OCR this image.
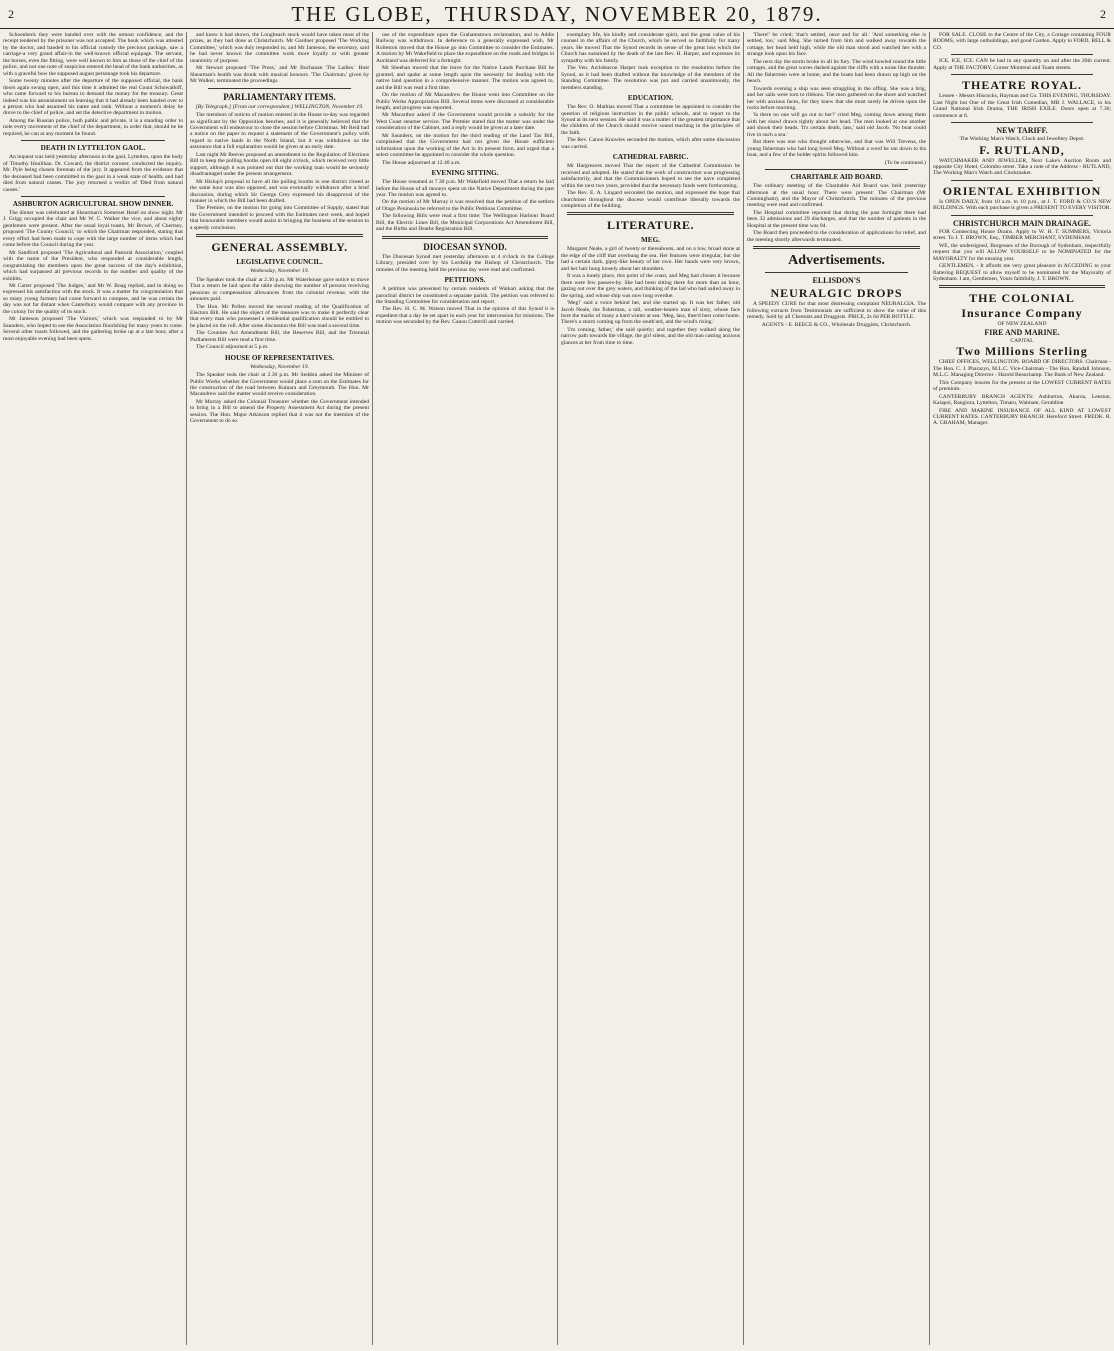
2	THE GLOBE, THURSDAY, NOVEMBER 20, 1879.	2

Schoenbeck they were handed over with the utmost confidence, and the receipt tendered by the prisoner was not accepted. The book which was attested by the doctor, and handed to his official custody the precious package, saw a carriage-a very grand affair-in the well-known official equipage. The servant, the horses, even the fitting, were well known to him as those of the chief of the police, and not one note of suspicion entered the head of the bank authorities, as with a graceful bow the supposed august personage took his departure.

Some twenty minutes after the departure of the supposed official, the bank doors again swung open, and this time it admitted the real Count Schowalloff, who came forward to his bureau to demand the money for the treasury. Great indeed was his astonishment on learning that it had already been handed over to a person who had assumed his name and rank. Without a moment's delay he drove to the chief of police, and set the detective department in motion.

Among the Russian police, both public and private, it is a standing order to note every movement of the chief of the department, in order that, should he be required, he can at any moment be found.

DEATH IN LYTTELTON GAOL.

An inquest was held yesterday afternoon in the gaol, Lyttelton, upon the body of Timothy Houlihan. Dr. Coward, the district coroner, conducted the inquiry. Mr. Pyle being chosen foreman of the jury. It appeared from the evidence that the deceased had been committed to the gaol in a weak state of health, and had died from natural causes. The jury returned a verdict of 'Died from natural causes.'

ASHBURTON AGRICULTURAL SHOW DINNER.

The dinner was celebrated at Shearman's Somerset Hotel on show night. Mr J. Grigg occupied the chair and Mr W. C. Walker the vice, and about eighty gentlemen were present. After the usual loyal toasts, Mr Brown, of Chertsey, proposed 'The County Council,' to which the Chairman responded, stating that every effort had been made to cope with the large number of items which had come before the Council during the year.

Mr Sandford proposed 'The Agricultural and Pastoral Association,' coupled with the name of the President, who responded at considerable length, congratulating the members upon the great success of the day's exhibition, which had surpassed all previous records in the number and quality of the exhibits.

Mr Carter proposed 'The Judges,' and Mr W. Boag replied, and in doing so expressed his satisfaction with the stock. It was a matter for congratulation that so many young farmers had come forward to compete, and he was certain the day was not far distant when Canterbury would compare with any province in the colony for the quality of its stock.

Mr Jameson proposed 'The Visitors,' which was responded to by Mr Saunders, who hoped to see the Association flourishing for many years to come. Several other toasts followed, and the gathering broke up at a late hour, after a most enjoyable evening had been spent.

and knew it had shown, the Longbeach stock would have taken most of the prizes, as they had done at Christchurch. Mr Gardner proposed 'The Working Committee,' which was duly responded to, and Mr Jameson, the secretary, said he had never known the committee work more loyally or with greater unanimity of purpose.

Mr Stewart proposed 'The Press,' and Mr Buchanan 'The Ladies.' Host Shearman's health was drunk with musical honours. 'The Chairman,' given by Mr Walker, terminated the proceedings.

PARLIAMENTARY ITEMS.
[By Telegraph.] [From our correspondent.] WELLINGTON, November 19.

The members of notices of motion entered in the House to-day was regarded as significant by the Opposition benches, and it is generally believed that the Government will endeavour to close the session before Christmas. Mr Reid had a notice on the paper to request a statement of the Government's policy with regard to native lands in the North Island, but it was withdrawn on the assurance that a full explanation would be given at an early date.

Last night Mr Reeves proposed an amendment to the Regulation of Elections Bill to keep the polling booths open till eight o'clock, which received very little support, although it was pointed out that the working man would be seriously disadvantaged under the present arrangement.

Mr Hislop's proposal to have all the polling booths in one district closed at the same hour was also opposed, and was eventually withdrawn after a brief discussion, during which Sir George Grey expressed his disapproval of the manner in which the Bill had been drafted.

The Premier, on the motion for going into Committee of Supply, stated that the Government intended to proceed with the Estimates next week, and hoped that honourable members would assist in bringing the business of the session to a speedy conclusion.

GENERAL ASSEMBLY.
LEGISLATIVE COUNCIL.
Wednesday, November 19.

The Speaker took the chair at 2.30 p.m. Mr Waterhouse gave notice to move That a return be laid upon the table showing the number of persons receiving pensions or compensation allowances from the colonial revenue, with the amounts paid.

The Hon. Mr Pollen moved the second reading of the Qualification of Electors Bill. He said the object of the measure was to make it perfectly clear that every man who possessed a residential qualification should be entitled to be placed on the roll. After some discussion the Bill was read a second time.

The Counties Act Amendment Bill, the Reserves Bill, and the Triennial Parliaments Bill were read a first time.

The Council adjourned at 5 p.m.

HOUSE OF REPRESENTATIVES.
Wednesday, November 19.

The Speaker took the chair at 2.30 p.m. Mr Seddon asked the Minister of Public Works whether the Government would place a sum on the Estimates for the construction of the road between Kumara and Greymouth. The Hon. Mr Macandrew said the matter would receive consideration.

Mr Murray asked the Colonial Treasurer whether the Government intended to bring in a Bill to amend the Property Assessment Act during the present session. The Hon. Major Atkinson replied that it was not the intention of the Government to do so.

use of the expenditure upon the Grahamstown reclamation, and to Addis Railway was withdrawn. In deference to a generally expressed wish, Mr Rolleston moved that the House go into Committee to consider the Estimates. A motion by Mr Wakefield to place the expenditure on the roads and bridges in Auckland was deferred for a fortnight.

Mr Sheehan moved that the leave for the Native Lands Purchase Bill be granted, and spoke at some length upon the necessity for dealing with the native land question in a comprehensive manner. The motion was agreed to, and the Bill was read a first time.

On the motion of Mr Macandrew the House went into Committee on the Public Works Appropriation Bill. Several items were discussed at considerable length, and progress was reported.

Mr Macarthur asked if the Government would provide a subsidy for the West Coast steamer service. The Premier stated that the matter was under the consideration of the Cabinet, and a reply would be given at a later date.

Mr Saunders, on the motion for the third reading of the Land Tax Bill, complained that the Government had not given the House sufficient information upon the working of the Act in its present form, and urged that a select committee be appointed to consider the whole question.

The House adjourned at 12.40 a.m.

EVENING SITTING.

The House resumed at 7.30 p.m. Mr Wakefield moved That a return be laid before the House of all moneys spent on the Native Department during the past year. The motion was agreed to.

On the motion of Mr Murray it was resolved that the petition of the settlers of Otago Peninsula be referred to the Public Petitions Committee.

The following Bills were read a first time: The Wellington Harbour Board Bill, the Electric Lines Bill, the Municipal Corporations Act Amendment Bill, and the Births and Deaths Registration Bill.

DIOCESAN SYNOD.

The Diocesan Synod met yesterday afternoon at 4 o'clock in the College Library, presided over by his Lordship the Bishop of Christchurch. The minutes of the meeting held the previous day were read and confirmed.

PETITIONS.

A petition was presented by certain residents of Waikari asking that the parochial district be constituted a separate parish. The petition was referred to the Standing Committee for consideration and report.

The Rev. H. C. M. Watson moved That in the opinion of this Synod it is expedient that a day be set apart in each year for intercession for missions. The motion was seconded by the Rev. Canon Cotterill and carried.

exemplary life, his kindly and considerate spirit, and the great value of his counsel in the affairs of the Church, which he served so faithfully for many years. He moved That the Synod records its sense of the great loss which the Church has sustained by the death of the late Rev. H. Harper, and expresses its sympathy with his family.

The Ven. Archdeacon Harper took exception to the resolution before the Synod, as it had been drafted without the knowledge of the members of the Standing Committee. The resolution was put and carried unanimously, the members standing.

EDUCATION.

The Rev. O. Mathias moved That a committee be appointed to consider the question of religious instruction in the public schools, and to report to the Synod at its next session. He said it was a matter of the greatest importance that the children of the Church should receive sound teaching in the principles of the faith.

The Rev. Canon Knowles seconded the motion, which after some discussion was carried.

CATHEDRAL FABRIC.

Mr Hargreaves moved That the report of the Cathedral Commission be received and adopted. He stated that the work of construction was progressing satisfactorily, and that the Commissioners hoped to see the nave completed within the next two years, provided that the necessary funds were forthcoming.

The Rev. E. A. Lingard seconded the motion, and expressed the hope that churchmen throughout the diocese would contribute liberally towards the completion of the building.

LITERATURE.
MEG.

Margaret Neale, a girl of twenty or thereabouts, and on a low, broad stone at the edge of the cliff that overhung the sea. Her features were irregular, but she had a certain dark, gipsy-like beauty of her own. Her hands were very brown, and her hair hung loosely about her shoulders.

It was a lonely place, this point of the coast, and Meg had chosen it because there were few passers-by. She had been sitting there for more than an hour, gazing out over the grey waters, and thinking of the lad who had sailed away in the spring, and whose ship was now long overdue.

'Meg!' said a voice behind her, and she started up. It was her father, old Jacob Neale, the fisherman, a tall, weather-beaten man of sixty, whose face bore the marks of many a hard winter at sea. 'Meg, lass, thee'd best come home. There's a storm coming up from the south'ard, and the wind's rising.'

'I'm coming, father,' she said quietly; and together they walked along the narrow path towards the village, the girl silent, and the old man casting anxious glances at her from time to time.

'There!' he cried; 'that's settled, once and for all.' 'And something else is settled, too,' said Meg. She turned from him and walked away towards the cottage, her head held high, while the old man stood and watched her with a strange look upon his face.

The next day the storm broke in all its fury. The wind howled round the little cottages, and the great waves dashed against the cliffs with a noise like thunder. All the fishermen were at home, and the boats had been drawn up high on the beach.

Towards evening a ship was seen struggling in the offing. She was a brig, and her sails were torn to ribbons. The men gathered on the shore and watched her with anxious faces, for they knew that she must surely be driven upon the rocks before morning.

'Is there no one will go out to her?' cried Meg, coming down among them with her shawl drawn tightly about her head. The men looked at one another and shook their heads. 'It's certain death, lass,' said old Jacob. 'No boat could live in such a sea.'

But there was one who thought otherwise, and that was Will Trevena, the young fisherman who had long loved Meg. Without a word he ran down to his boat, and a few of the bolder spirits followed him.

(To be continued.)

CHARITABLE AID BOARD.

The ordinary meeting of the Charitable Aid Board was held yesterday afternoon at the usual hour. There were present: The Chairman (Mr Cunningham), and the Mayor of Christchurch. The minutes of the previous meeting were read and confirmed.

The Hospital committee reported that during the past fortnight there had been 32 admissions and 29 discharges, and that the number of patients in the Hospital at the present time was 84.

The Board then proceeded to the consideration of applications for relief, and the meeting shortly afterwards terminated.

Advertisements.
ELLISDON'S
NEURALGIC DROPS

A SPEEDY CURE for that most distressing complaint NEURALGIA. The following extracts from Testimonials are sufficient to show the value of this remedy. Sold by all Chemists and Druggists. PRICE, 2s 6d PER BOTTLE.

AGENTS - E. REECE & CO., Wholesale Druggists, Christchurch.

FOR SALE. CLOSE to the Centre of the City, a Cottage containing FOUR ROOMS, with large outbuildings, and good Garden. Apply to FORD, BELL & CO.

ICE, ICE, ICE. CAN be had in any quantity on and after the 20th current. Apply at THE FACTORY, Corner Montreal and Tuam streets.

THEATRE ROYAL.

Lessee - Messrs Hiscocks, Hayman and Co. THIS EVENING, THURSDAY. Last Night but One of the Great Irish Comedian, MR J. WALLACE, in his Grand National Irish Drama, THE IRISH EXILE. Doors open at 7.30; commence at 8.

NEW TARIFF.
The Working Man's Watch, Clock and Jewellery Depot.
F. RUTLAND,

WATCHMAKER AND JEWELLER, Next Lake's Auction Room and opposite City Hotel, Colombo street. Take a note of the Address - RUTLAND, The Working Man's Watch and Clockmaker.

ORIENTAL EXHIBITION

Is OPEN DAILY, from 10 a.m. to 10 p.m., at J. T. FORD & CO.'S NEW BUILDINGS. With each purchase is given a PRESENT TO EVERY VISITOR.

CHRISTCHURCH MAIN DRAINAGE.

FOR Connecting House Drains. Apply to W. H. T. SUMMERS, Victoria street. To J. T. BROWN, Esq., TIMBER MERCHANT, SYDENHAM.

WE, the undersigned, Burgesses of the Borough of Sydenham, respectfully request that you will ALLOW YOURSELF to be NOMINATED for the MAYORALTY for the ensuing year.

GENTLEMEN, - It affords me very great pleasure in ACCEDING to your flattering REQUEST to allow myself to be nominated for the Mayoralty of Sydenham. I am, Gentlemen, Yours faithfully, J. T. BROWN.

THE COLONIAL
Insurance Company
OF NEW ZEALAND
FIRE AND MARINE.
CAPITAL
Two Millions Sterling

CHIEF OFFICES, WELLINGTON. BOARD OF DIRECTORS. Chairman - The Hon. C. J. Pharazyn, M.L.C. Vice-Chairman - The Hon. Randall Johnson, M.L.C. Managing Director - Harold Beauchamp. The Bank of New Zealand.

This Company insures for the present at the LOWEST CURRENT RATES of premium.

CANTERBURY BRANCH AGENTS: Ashburton, Akaroa, Leeston, Kaiapoi, Rangiora, Lyttelton, Timaru, Waimate, Geraldine.

FIRE AND MARINE INSURANCE OF ALL KIND AT LOWEST CURRENT RATES. CANTERBURY BRANCH: Hereford Street. FREDK. R. A. GRAHAM, Manager.
